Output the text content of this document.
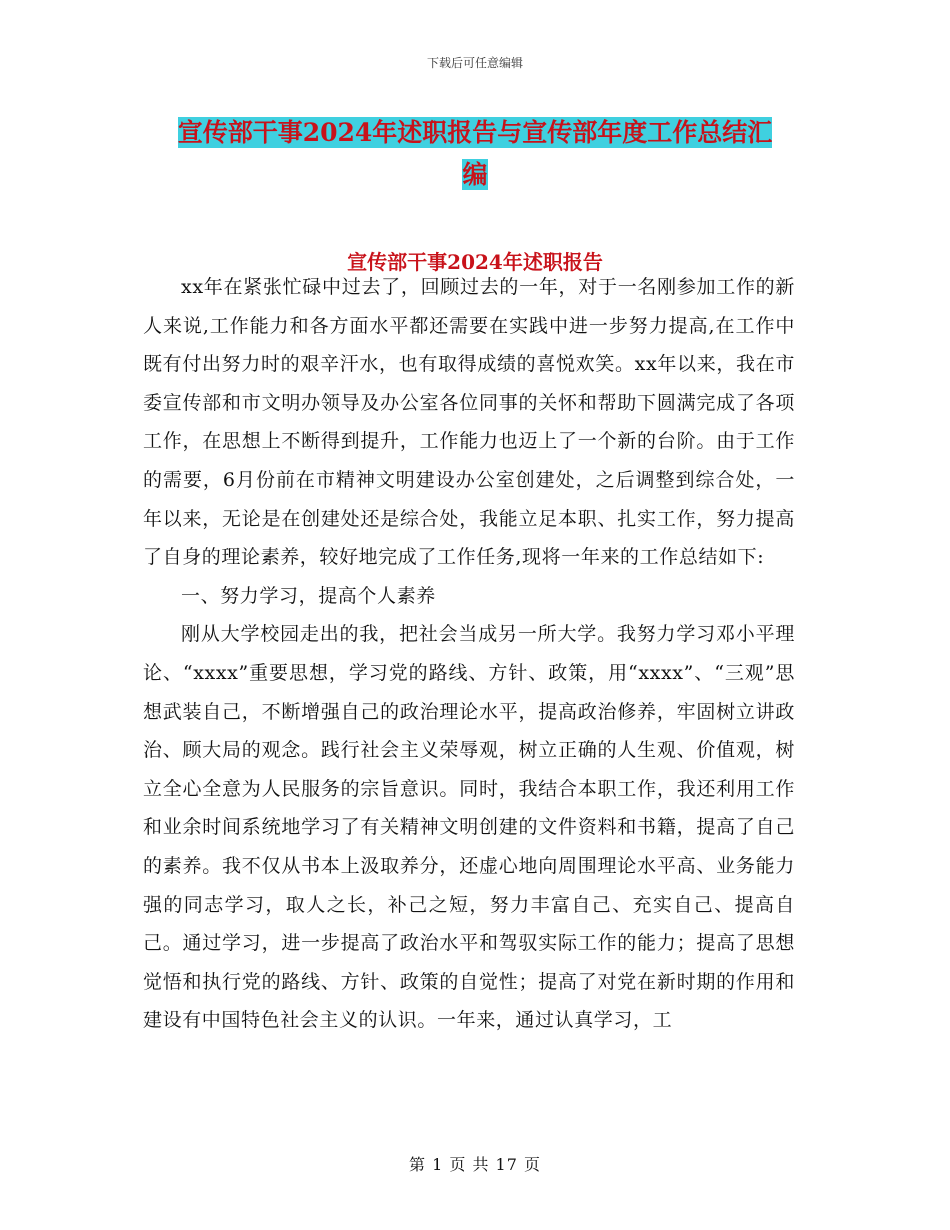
下载后可任意编辑
宣传部干事2024年述职报告与宣传部年度工作总结汇
编
宣传部干事2024年述职报告

xx年在紧张忙碌中过去了，回顾过去的一年，对于一名刚参加工作的新人来说,工作能力和各方面水平都还需要在实践中进一步努力提高,在工作中既有付出努力时的艰辛汗水，也有取得成绩的喜悦欢笑。xx年以来，我在市委宣传部和市文明办领导及办公室各位同事的关怀和帮助下圆满完成了各项工作，在思想上不断得到提升，工作能力也迈上了一个新的台阶。由于工作的需要，6月份前在市精神文明建设办公室创建处，之后调整到综合处，一年以来，无论是在创建处还是综合处，我能立足本职、扎实工作，努力提高了自身的理论素养，较好地完成了工作任务,现将一年来的工作总结如下:

一、努力学习，提高个人素养

刚从大学校园走出的我，把社会当成另一所大学。我努力学习邓小平理论、“xxxx”重要思想，学习党的路线、方针、政策，用“xxxx”、“三观”思想武装自己，不断增强自己的政治理论水平，提高政治修养，牢固树立讲政治、顾大局的观念。践行社会主义荣辱观，树立正确的人生观、价值观，树立全心全意为人民服务的宗旨意识。同时，我结合本职工作，我还利用工作和业余时间系统地学习了有关精神文明创建的文件资料和书籍，提高了自己的素养。我不仅从书本上汲取养分，还虚心地向周围理论水平高、业务能力强的同志学习，取人之长，补己之短，努力丰富自己、充实自己、提高自己。通过学习，进一步提高了政治水平和驾驭实际工作的能力；提高了思想觉悟和执行党的路线、方针、政策的自觉性；提高了对党在新时期的作用和建设有中国特色社会主义的认识。一年来，通过认真学习，工

第 1 页 共 17 页
